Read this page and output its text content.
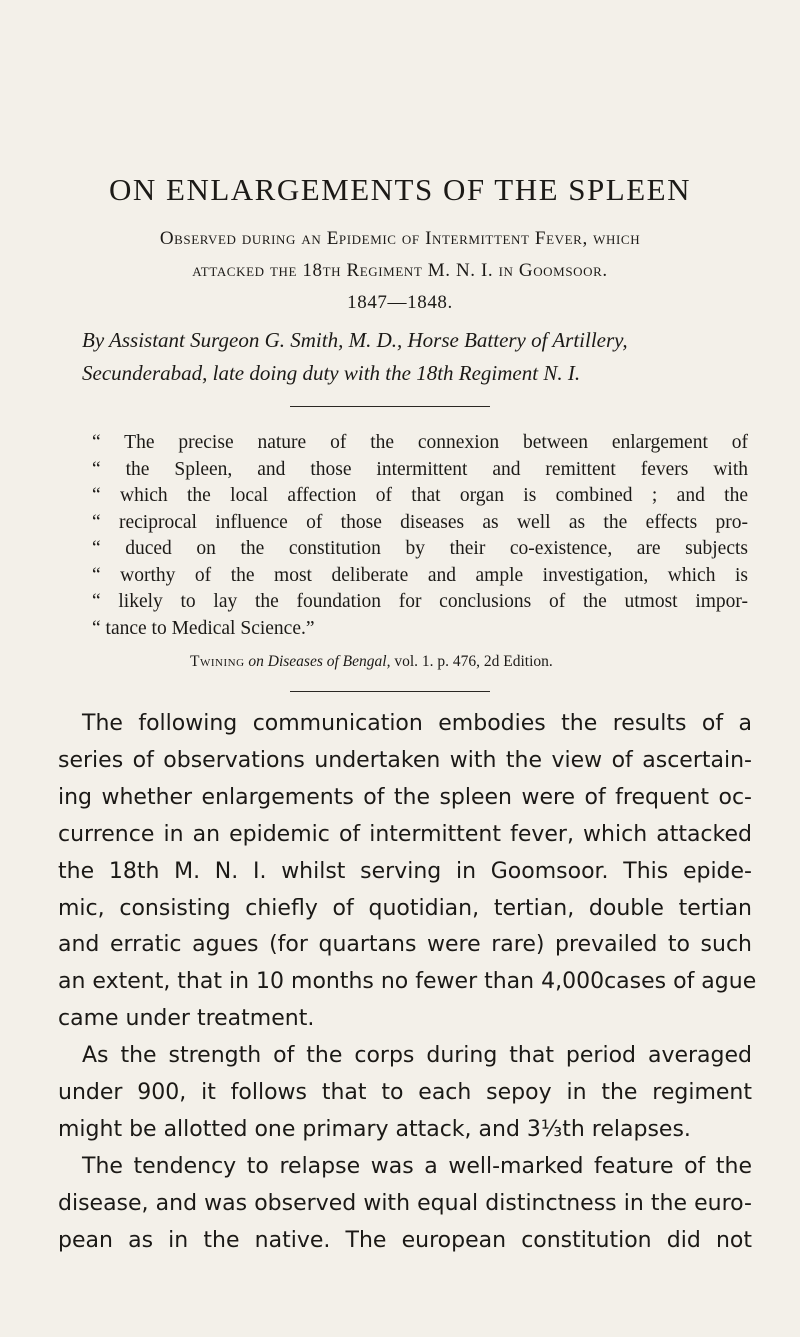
ON ENLARGEMENTS OF THE SPLEEN
Observed during an Epidemic of Intermittent Fever, which
attacked the 18th Regiment M. N. I. in Goomsoor.
1847—1848.
By Assistant Surgeon G. Smith, M. D., Horse Battery of Artillery,
Secunderabad, late doing duty with the 18th Regiment N. I.
“ The precise nature of the connexion between enlargement of
“ the Spleen, and those intermittent and remittent fevers with
“ which the local affection of that organ is combined ; and the
“ reciprocal influence of those diseases as well as the effects pro-
“ duced on the constitution by their co-existence, are subjects
“ worthy of the most deliberate and ample investigation, which is
“ likely to lay the foundation for conclusions of the utmost impor-
“ tance to Medical Science.”
Twining on Diseases of Bengal, vol. 1. p. 476, 2d Edition.
The following communication embodies the results of a
series of observations undertaken with the view of ascertain-
ing whether enlargements of the spleen were of frequent oc-
currence in an epidemic of intermittent fever, which attacked
the 18th M. N. I. whilst serving in Goomsoor. This epide-
mic, consisting chiefly of quotidian, tertian, double tertian
and erratic agues (for quartans were rare) prevailed to such
an extent, that in 10 months no fewer than 4,000cases of ague
came under treatment.
As the strength of the corps during that period averaged
under 900, it follows that to each sepoy in the regiment
might be allotted one primary attack, and 3⅓th relapses.
The tendency to relapse was a well-marked feature of the
disease, and was observed with equal distinctness in the euro-
pean as in the native. The european constitution did not
